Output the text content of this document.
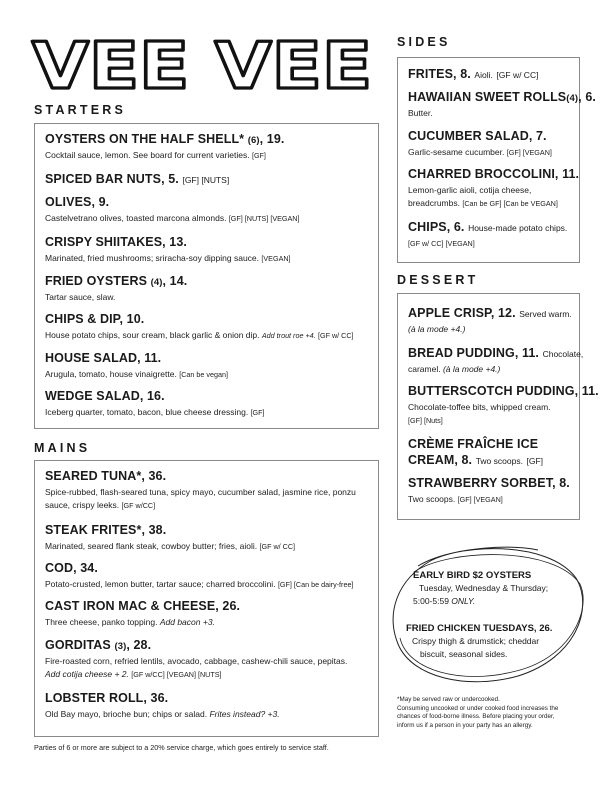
VEE VEE
STARTERS
OYSTERS ON THE HALF SHELL* (6), 19.
Cocktail sauce, lemon. See board for current varieties. [GF]
SPICED BAR NUTS, 5. [GF] [NUTS]
OLIVES, 9.
Castelvetrano olives, toasted marcona almonds. [GF] [NUTS] [VEGAN]
CRISPY SHIITAKES, 13.
Marinated, fried mushrooms; sriracha-soy dipping sauce. [VEGAN]
FRIED OYSTERS (4), 14.
Tartar sauce, slaw.
CHIPS & DIP, 10.
House potato chips, sour cream, black garlic & onion dip. Add trout roe +4. [GF w/ CC]
HOUSE SALAD, 11.
Arugula, tomato, house vinaigrette. [Can be vegan]
WEDGE SALAD, 16.
Iceberg quarter, tomato, bacon, blue cheese dressing. [GF]
MAINS
SEARED TUNA*, 36.
Spice-rubbed, flash-seared tuna, spicy mayo, cucumber salad, jasmine rice, ponzu
sauce, crispy leeks. [GF w/CC]
STEAK FRITES*, 38.
Marinated, seared flank steak, cowboy butter; fries, aioli. [GF w/ CC]
COD, 34.
Potato-crusted, lemon butter, tartar sauce; charred broccolini. [GF] [Can be dairy-free]
CAST IRON MAC & CHEESE, 26.
Three cheese, panko topping. Add bacon +3.
GORDITAS (3), 28.
Fire-roasted corn, refried lentils, avocado, cabbage, cashew-chili sauce, pepitas.
Add cotija cheese + 2. [GF w/CC] [VEGAN] [NUTS]
LOBSTER ROLL, 36.
Old Bay mayo, brioche bun; chips or salad. Frites instead? +3.
Parties of 6 or more are subject to a 20% service charge, which goes entirely to service staff.
SIDES
FRITES, 8. Aioli. [GF w/ CC]
HAWAIIAN SWEET ROLLS(4), 6.
Butter.
CUCUMBER SALAD, 7.
Garlic-sesame cucumber. [GF] [VEGAN]
CHARRED BROCCOLINI, 11.
Lemon-garlic aioli, cotija cheese,
breadcrumbs. [Can be GF] [Can be VEGAN]
CHIPS, 6. House-made potato chips.
[GF w/ CC] [VEGAN]
DESSERT
APPLE CRISP, 12. Served warm.
(à la mode +4.)
BREAD PUDDING, 11. Chocolate,
caramel. (à la mode +4.)
BUTTERSCOTCH PUDDING, 11.
Chocolate-toffee bits, whipped cream.
[GF] [Nuts]
CRÈME FRAÎCHE ICE
CREAM, 8. Two scoops. [GF]
STRAWBERRY SORBET, 8.
Two scoops. [GF] [VEGAN]
EARLY BIRD $2 OYSTERS
Tuesday, Wednesday & Thursday;
5:00-5:59 ONLY.
FRIED CHICKEN TUESDAYS, 26.
Crispy thigh & drumstick; cheddar
biscuit, seasonal sides.
*May be served raw or undercooked.
Consuming uncooked or under cooked food increases the
chances of food-borne illness. Before placing your order,
inform us if a person in your party has an allergy.
